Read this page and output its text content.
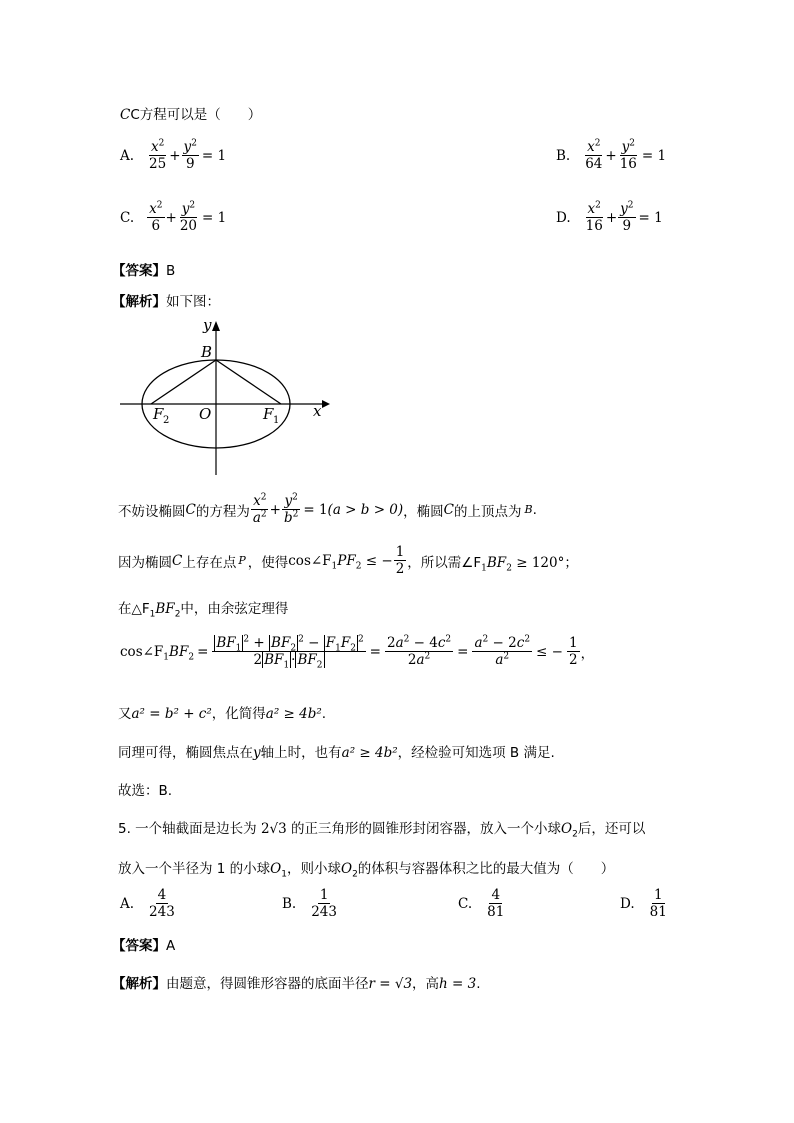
CC方程可以是（　　）
A. $\frac{x^2}{25} + \frac{y^2}{9} = 1$	B. $\frac{x^2}{64} + \frac{y^2}{16} = 1$
C. $\frac{x^2}{6} + \frac{y^2}{20} = 1$	D. $\frac{x^2}{16} + \frac{y^2}{9} = 1$
【答案】B
【解析】如下图：
y
x
B
O	F 1
F 2
不妨设椭圆 C 的方程为 $\frac{x^2}{a^2} + \frac{y^2}{b^2} = 1$ (a > b > 0) ，椭圆 C 的上顶点为 B .
因为椭圆 C 上存在点 P ，使得 $\cos\angle F_1PF_2$ ≤ − $\frac{1}{2}$ ，所以需∠F $_1BF_2 \ge 120^\circ$；
在$\triangle F_1BF_2$中，由余弦定理得
$\cos\angle F_1BF_2 = \frac{BF_1^2 + BF_2^2 - F_1F_2^2}{2 BF_1 \cdot BF_2} = \frac{2a^2 - 4c^2}{2a^2} = \frac{a^2 - 2c^2}{a^2}$ ≤ − $\frac{1}{2}$ ，
又a² = b² + c²，化简得a² ≥ 4b².
同理可得，椭圆焦点在y轴上时，也有a² ≥ 4b²，经检验可知选项 B 满足.
故选：B.
5. 一个轴截面是边长为 2√3 的正三角形的圆锥形封闭容器，放入一个小球$O_2$后，还可以
放入一个半径为 1 的小球$O_1$，则小球$O_2$的体积与容器体积之比的最大值为（　　）
A. $\frac{4}{243}$	B. $\frac{1}{243}$	C. $\frac{4}{81}$	D. $\frac{1}{81}$
【答案】A
【解析】由题意，得圆锥形容器的底面半径r = √3，高h = 3.
